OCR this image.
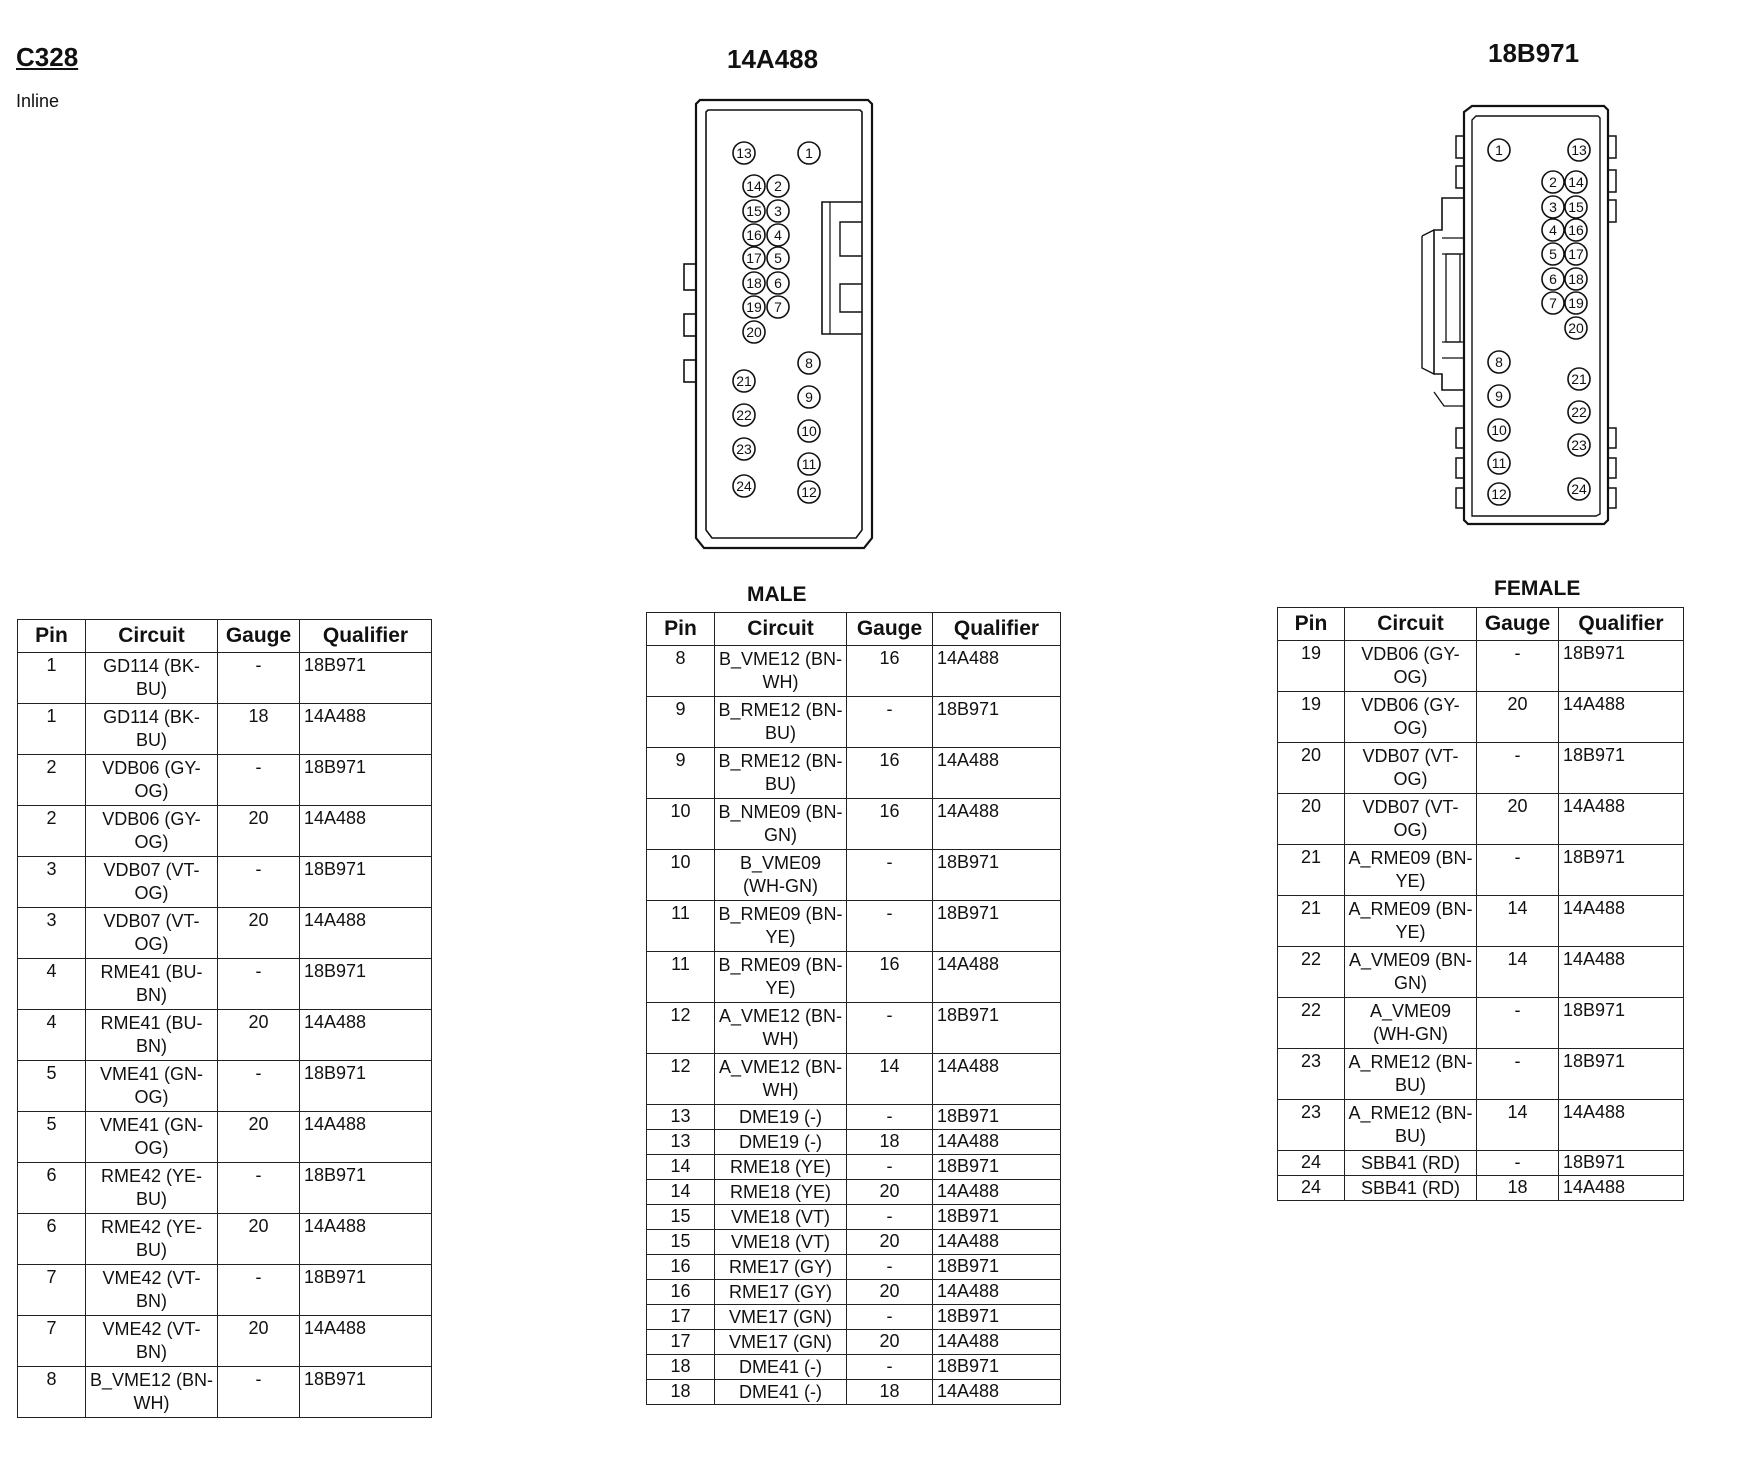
C328
Inline
14A488
MALE
18B971
FEMALE
13	1
14 2
15 3
16 4
17 5
18 6
19 7
20
8
21
9
22
10
23
11
24	12
1	13
2 14
3 15
4 16
5 17
6 18
7 19
20
8
21
9
22
10
23
11
12	24
Pin	Circuit	Gauge	Qualifier
1	GD114 (BK-BU)	-	18B971
1	GD114 (BK-BU)	18	14A488
2	VDB06 (GY-OG)	-	18B971
2	VDB06 (GY-OG)	20	14A488
3	VDB07 (VT-OG)	-	18B971
3	VDB07 (VT-OG)	20	14A488
4	RME41 (BU-BN)	-	18B971
4	RME41 (BU-BN)	20	14A488
5	VME41 (GN-OG)	-	18B971
5	VME41 (GN-OG)	20	14A488
6	RME42 (YE-BU)	-	18B971
6	RME42 (YE-BU)	20	14A488
7	VME42 (VT-BN)	-	18B971
7	VME42 (VT-BN)	20	14A488
8	B_VME12 (BN-WH)	-	18B971
Pin	Circuit	Gauge	Qualifier
8	B_VME12 (BN-WH)	16	14A488
9	B_RME12 (BN-BU)	-	18B971
9	B_RME12 (BN-BU)	16	14A488
10	B_NME09 (BN-GN)	16	14A488
10	B_VME09 (WH-GN)	-	18B971
11	B_RME09 (BN-YE)	-	18B971
11	B_RME09 (BN-YE)	16	14A488
12	A_VME12 (BN-WH)	-	18B971
12	A_VME12 (BN-WH)	14	14A488
13	DME19 (-)	-	18B971
13	DME19 (-)	18	14A488
14	RME18 (YE)	-	18B971
14	RME18 (YE)	20	14A488
15	VME18 (VT)	-	18B971
15	VME18 (VT)	20	14A488
16	RME17 (GY)	-	18B971
16	RME17 (GY)	20	14A488
17	VME17 (GN)	-	18B971
17	VME17 (GN)	20	14A488
18	DME41 (-)	-	18B971
18	DME41 (-)	18	14A488
Pin	Circuit	Gauge	Qualifier
19	VDB06 (GY-OG)	-	18B971
19	VDB06 (GY-OG)	20	14A488
20	VDB07 (VT-OG)	-	18B971
20	VDB07 (VT-OG)	20	14A488
21	A_RME09 (BN-YE)	-	18B971
21	A_RME09 (BN-YE)	14	14A488
22	A_VME09 (BN-GN)	14	14A488
22	A_VME09 (WH-GN)	-	18B971
23	A_RME12 (BN-BU)	-	18B971
23	A_RME12 (BN-BU)	14	14A488
24	SBB41 (RD)	-	18B971
24	SBB41 (RD)	18	14A488
